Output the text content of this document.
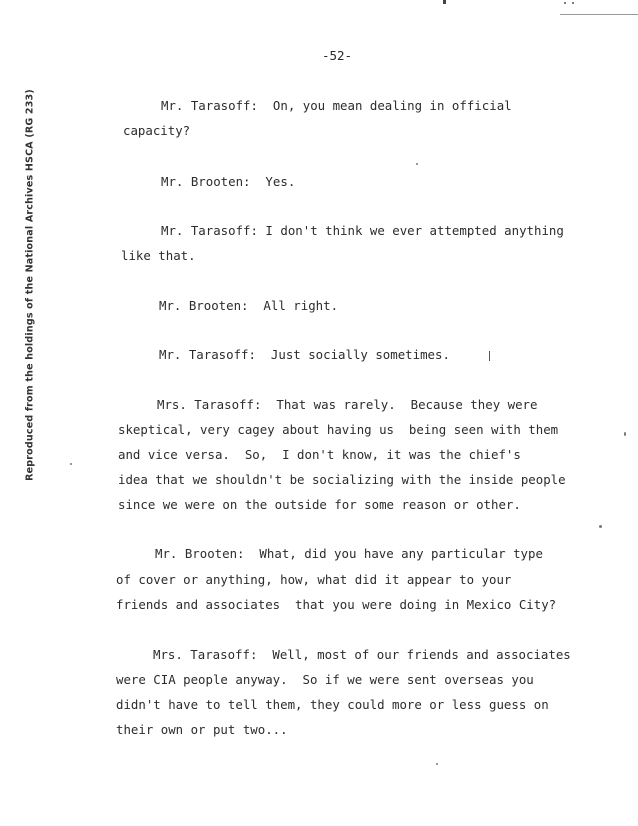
Reproduced from the holdings of the National Archives HSCA (RG 233)
-52-
Mr. Tarasoff:  On, you mean dealing in official
capacity?
Mr. Brooten:  Yes.
Mr. Tarasoff: I don't think we ever attempted anything
like that.
Mr. Brooten:  All right.
Mr. Tarasoff:  Just socially sometimes.
Mrs. Tarasoff:  That was rarely.  Because they were
skeptical, very cagey about having us  being seen with them
and vice versa.  So,  I don't know, it was the chief's
idea that we shouldn't be socializing with the inside people
since we were on the outside for some reason or other.
Mr. Brooten:  What, did you have any particular type
of cover or anything, how, what did it appear to your
friends and associates  that you were doing in Mexico City?
Mrs. Tarasoff:  Well, most of our friends and associates
were CIA people anyway.  So if we were sent overseas you
didn't have to tell them, they could more or less guess on
their own or put two...
